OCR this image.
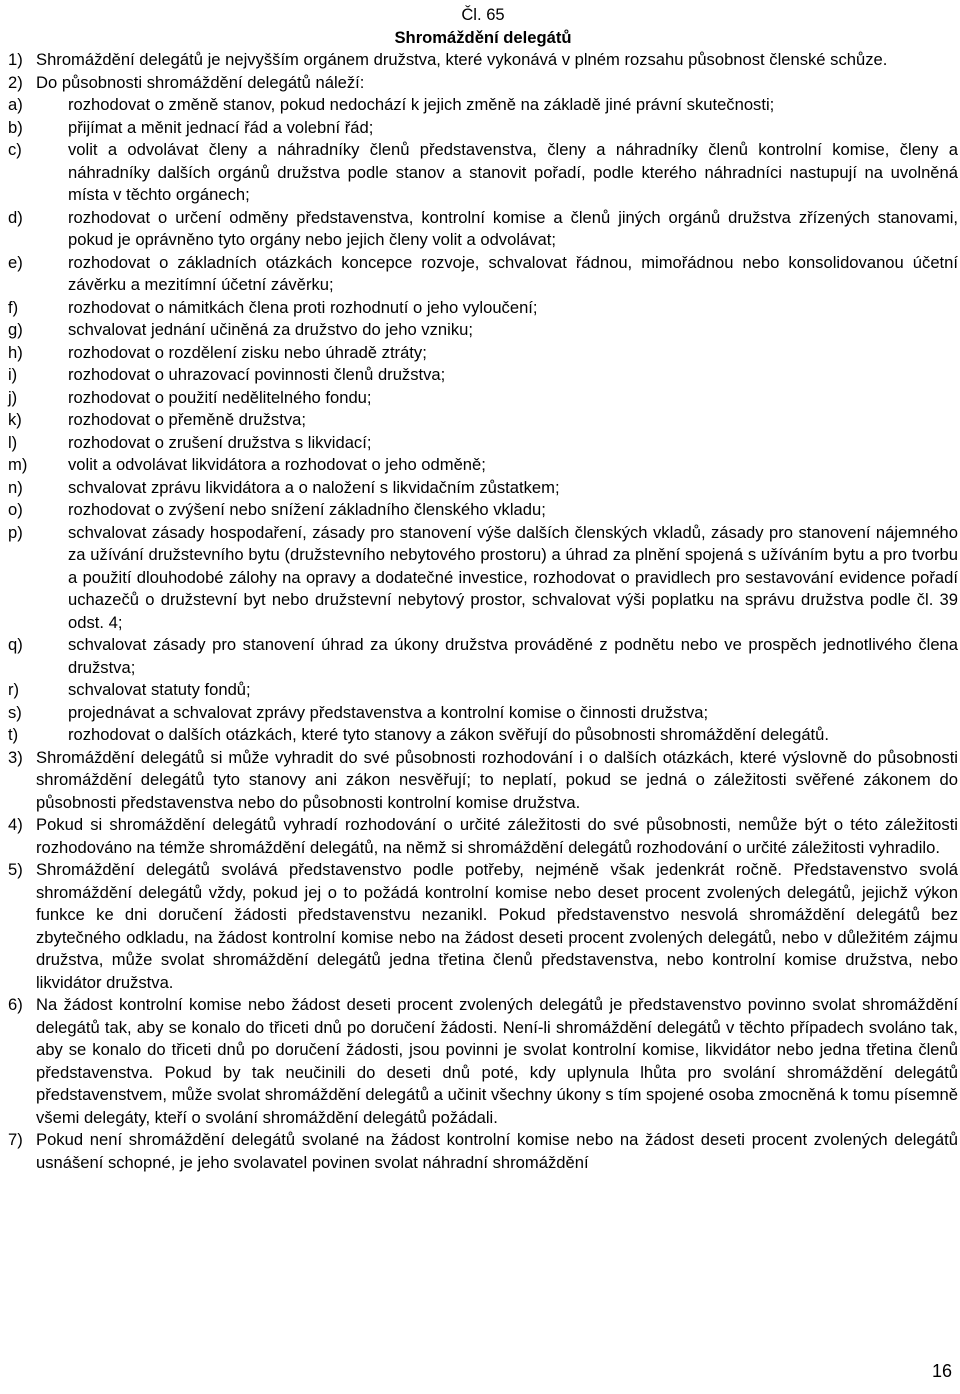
Čl. 65

Shromáždění delegátů

1) Shromáždění delegátů je nejvyšším orgánem družstva, které vykonává v plném rozsahu působnost členské schůze.
2) Do působnosti shromáždění delegátů náleží:
a)	rozhodovat o změně stanov, pokud nedochází k jejich změně na základě jiné právní skutečnosti;
b)	přijímat a měnit jednací řád a volební řád;
c)	volit a odvolávat členy a náhradníky členů představenstva, členy a náhradníky členů kontrolní komise, členy a náhradníky dalších orgánů družstva podle stanov a stanovit pořadí, podle kterého náhradníci nastupují na uvolněná místa v těchto orgánech;
d)	rozhodovat o určení odměny představenstva, kontrolní komise a členů jiných orgánů družstva zřízených stanovami, pokud je oprávněno tyto orgány nebo jejich členy volit a odvolávat;
e)	rozhodovat o základních otázkách koncepce rozvoje, schvalovat řádnou, mimořádnou nebo konsolidovanou účetní závěrku a mezitímní účetní závěrku;
f)	rozhodovat o námitkách člena proti rozhodnutí o jeho vyloučení;
g)	schvalovat jednání učiněná za družstvo do jeho vzniku;
h)	rozhodovat o rozdělení zisku nebo úhradě ztráty;
i)	rozhodovat o uhrazovací povinnosti členů družstva;
j)	rozhodovat o použití nedělitelného fondu;
k)	rozhodovat o přeměně družstva;
l)	rozhodovat o zrušení družstva s likvidací;
m) volit a odvolávat likvidátora a rozhodovat o jeho odměně;
n)	schvalovat zprávu likvidátora a o naložení s likvidačním zůstatkem;
o)	rozhodovat o zvýšení nebo snížení základního členského vkladu;
p)	schvalovat zásady hospodaření, zásady pro stanovení výše dalších členských vkladů, zásady pro stanovení nájemného za užívání družstevního bytu (družstevního nebytového prostoru) a úhrad za plnění spojená s užíváním bytu a pro tvorbu a použití dlouhodobé zálohy na opravy a dodatečné investice, rozhodovat o pravidlech pro sestavování evidence pořadí uchazečů o družstevní byt nebo družstevní nebytový prostor, schvalovat výši poplatku na správu družstva podle čl. 39 odst. 4;
q)	schvalovat zásady pro stanovení úhrad za úkony družstva prováděné z podnětu nebo ve prospěch jednotlivého člena družstva;
r)	schvalovat statuty fondů;
s)	projednávat a schvalovat zprávy představenstva a kontrolní komise o činnosti družstva;
t)	rozhodovat o dalších otázkách, které tyto stanovy a zákon svěřují do působnosti shromáždění delegátů.
3) Shromáždění delegátů si může vyhradit do své působnosti rozhodování i o dalších otázkách, které výslovně do působnosti shromáždění delegátů tyto stanovy ani zákon nesvěřují; to neplatí, pokud se jedná o záležitosti svěřené zákonem do působnosti představenstva nebo do působnosti kontrolní komise družstva.
4) Pokud si shromáždění delegátů vyhradí rozhodování o určité záležitosti do své působnosti, nemůže být o této záležitosti rozhodováno na témže shromáždění delegátů, na němž si shromáždění delegátů rozhodování o určité záležitosti vyhradilo.
5) Shromáždění delegátů svolává představenstvo podle potřeby, nejméně však jedenkrát ročně. Představenstvo svolá shromáždění delegátů vždy, pokud jej o to požádá kontrolní komise nebo deset procent zvolených delegátů, jejichž výkon funkce ke dni doručení žádosti představenstvu nezanikl. Pokud představenstvo nesvolá shromáždění delegátů bez zbytečného odkladu, na žádost kontrolní komise nebo na žádost deseti procent zvolených delegátů, nebo v důležitém zájmu družstva, může svolat shromáždění delegátů jedna třetina členů představenstva, nebo kontrolní komise družstva, nebo likvidátor družstva.
6) Na žádost kontrolní komise nebo žádost deseti procent zvolených delegátů je představenstvo povinno svolat shromáždění delegátů tak, aby se konalo do třiceti dnů po doručení žádosti. Není-li shromáždění delegátů v těchto případech svoláno tak, aby se konalo do třiceti dnů po doručení žádosti, jsou povinni je svolat kontrolní komise, likvidátor nebo jedna třetina členů představenstva. Pokud by tak neučinili do deseti dnů poté, kdy uplynula lhůta pro svolání shromáždění delegátů představenstvem, může svolat shromáždění delegátů a učinit všechny úkony s tím spojené osoba zmocněná k tomu písemně všemi delegáty, kteří o svolání shromáždění delegátů požádali.
7) Pokud není shromáždění delegátů svolané na žádost kontrolní komise nebo na žádost deseti procent zvolených delegátů usnášení schopné, je jeho svolavatel povinen svolat náhradní shromáždění
16
